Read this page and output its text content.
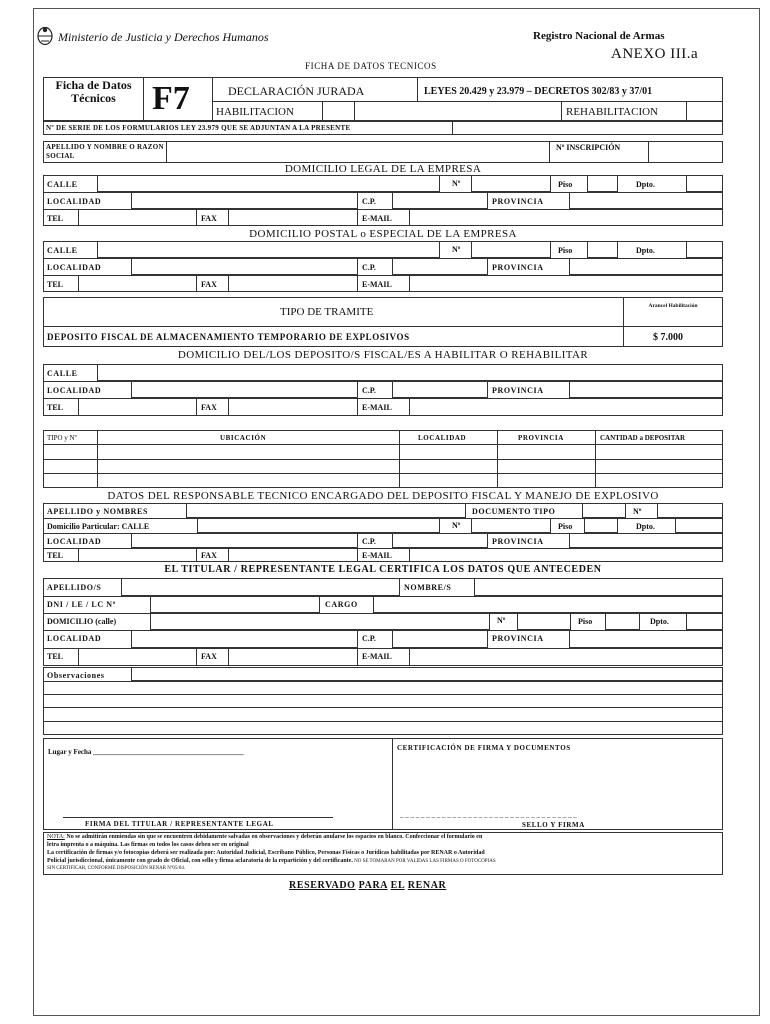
Ministerio de Justicia y Derechos Humanos	Registro Nacional de Armas
ANEXO III.a
FICHA DE DATOS TECNICOS
Ficha de Datos Técnicos	F7	DECLARACIÓN JURADA	LEYES 20.429 y 23.979 – DECRETOS 302/83 y 37/01
HABILITACION	REHABILITACION
Nº DE SERIE DE LOS FORMULARIOS LEY 23.979 QUE SE ADJUNTAN A LA PRESENTE
APELLIDO Y NOMBRE O RAZON SOCIAL
Nº INSCRIPCIÓN
DOMICILIO LEGAL DE LA EMPRESA
CALLE	Nº	Piso	Dpto.
LOCALIDAD	C.P.	PROVINCIA
TEL	FAX	E-MAIL
DOMICILIO POSTAL o ESPECIAL DE LA EMPRESA
CALLE	Nº	Piso	Dpto.
LOCALIDAD	C.P.	PROVINCIA
TEL	FAX	E-MAIL
TIPO DE TRAMITE	Arancel Habilitación
DEPOSITO FISCAL DE ALMACENAMIENTO TEMPORARIO DE EXPLOSIVOS	$ 7.000
DOMICILIO DEL/LOS DEPOSITO/S FISCAL/ES A HABILITAR O REHABILITAR
CALLE
LOCALIDAD	C.P.	PROVINCIA
TEL	FAX	E-MAIL
TIPO y Nº	UBICACIÓN	LOCALIDAD	PROVINCIA	CANTIDAD a DEPOSITAR
DATOS DEL RESPONSABLE TECNICO ENCARGADO DEL DEPOSITO FISCAL Y MANEJO DE EXPLOSIVO
APELLIDO y NOMBRES	DOCUMENTO TIPO	Nº
Domicilio Particular: CALLE	Nº	Piso	Dpto.
LOCALIDAD	C.P.	PROVINCIA
TEL	FAX	E-MAIL
EL TITULAR / REPRESENTANTE LEGAL CERTIFICA LOS DATOS QUE ANTECEDEN
APELLIDO/S	NOMBRE/S
DNI / LE / LC Nº	CARGO
DOMICILIO (calle)	Nº	Piso	Dpto.
LOCALIDAD	C.P.	PROVINCIA
TEL	FAX	E-MAIL
Observaciones
Lugar y Fecha ___________________________________________	CERTIFICACIÓN DE FIRMA Y DOCUMENTOS
FIRMA DEL TITULAR / REPRESENTANTE LEGAL
_ _ _ _ _ _ _ _ _ _ _ _ _ _ _ _ _ _ _ _ _ _ _ _ _ _ _ _ _ _ _ _ _ _
SELLO Y FIRMA
NOTA: No se admitirán enmiendas sin que se encuentren debidamente salvadas en observaciones y deberán anularse los espacios en blanco. Confeccionar el formulario en
letra imprenta o a máquina. Las firmas en todos los casos deben ser en original
La certificación de firmas y/o fotocopias deberá ser realizada por: Autoridad Judicial, Escribano Público, Personas Físicas o Jurídicas habilitadas por RENAR o Autoridad
Policial jurisdiccional, únicamente con grado de Oficial, con sello y firma aclaratoria de la repartición y del certificante. NO SE TOMARAN POR VALIDAS LAS FIRMAS O FOTOCOPIAS
SIN CERTIFICAR, CONFORME DISPOSICIÓN RENAR Nº05/04.
RESERVADO PARA EL RENAR
